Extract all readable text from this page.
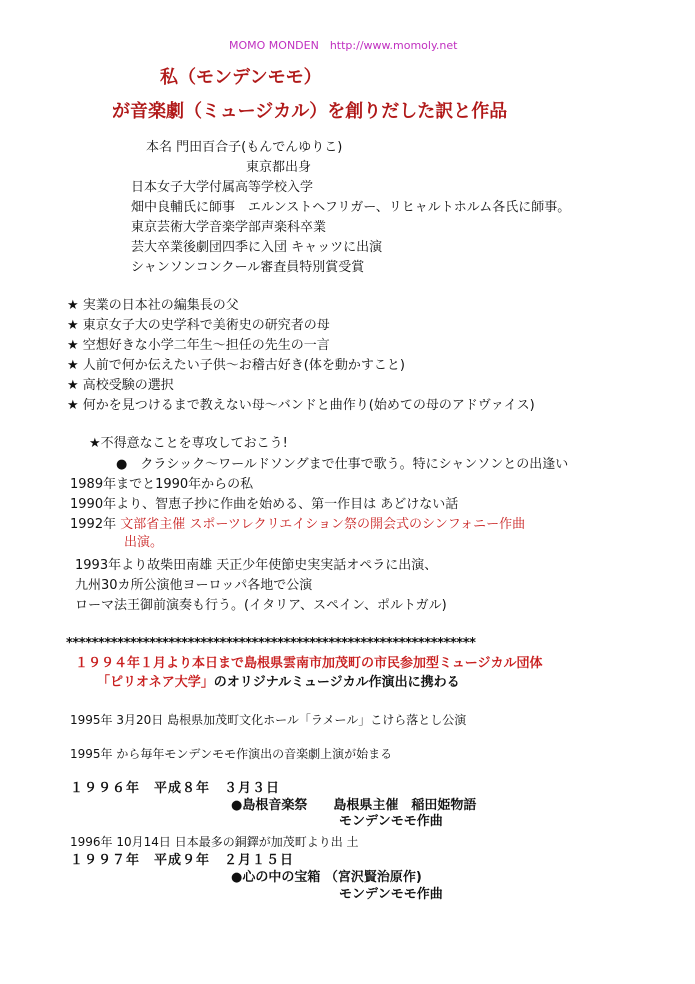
MOMO MONDEN　http://www.momoly.net
私（モンデンモモ）
が音楽劇（ミュージカル）を創りだした訳と作品
本名 門田百合子(もんでんゆりこ)
東京都出身
日本女子大学付属高等学校入学
畑中良輔氏に師事　エルンストヘフリガー、リヒャルトホルム各氏に師事。
東京芸術大学音楽学部声楽科卒業
芸大卒業後劇団四季に入団 キャッツに出演
シャンソンコンクール審査員特別賞受賞
★ 実業の日本社の編集長の父
★ 東京女子大の史学科で美術史の研究者の母
★ 空想好きな小学二年生～担任の先生の一言
★ 人前で何か伝えたい子供～お稽古好き(体を動かすこと)
★ 高校受験の選択
★ 何かを見つけるまで教えない母～バンドと曲作り(始めての母のアドヴァイス)
★不得意なことを専攻しておこう!
●　クラシック～ワールドソングまで仕事で歌う。特にシャンソンとの出逢い
1989年までと1990年からの私
1990年より、智恵子抄に作曲を始める、第一作目は あどけない話
1992年 文部省主催 スポーツレクリエイション祭の開会式のシンフォニー作曲
出演。
1993年より故柴田南雄 天正少年使節史実実話オペラに出演、
九州30カ所公演他ヨーロッパ各地で公演
ローマ法王御前演奏も行う。(イタリア、スペイン、ポルトガル)
****************************************************************
１９９４年１月より本日まで島根県雲南市加茂町の市民参加型ミュージカル団体
「ピリオネア大学」のオリジナルミュージカル作演出に携わる
1995年 3月20日 島根県加茂町文化ホール「ラメール」こけら落とし公演
1995年 から毎年モンデンモモ作演出の音楽劇上演が始まる
１９９６年　平成８年　３月３日
●島根音楽祭　　島根県主催　稲田姫物語
モンデンモモ作曲
1996年 10月14日 日本最多の銅鐸が加茂町より出 土
１９９７年　平成９年　２月１５日
●心の中の宝箱 （宮沢賢治原作)
モンデンモモ作曲
